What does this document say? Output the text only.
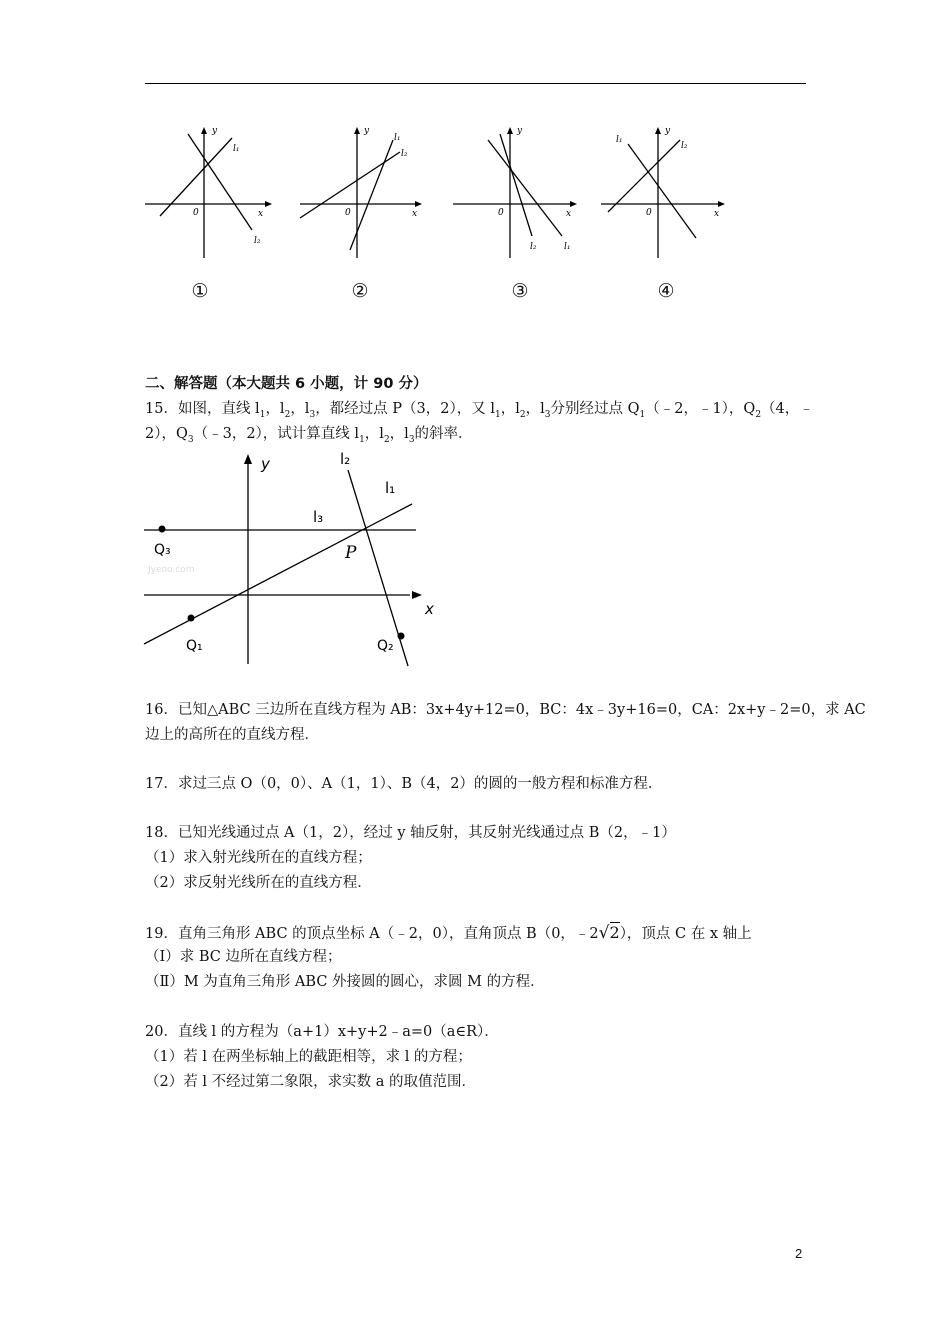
y
x
0
l₁
l₂
①
y
x
0
l₁
l₂
②
y
x
0
l₁
l₂
③
y
x
0
l₁
l₂
④
二、解答题（本大题共 6 小题，计 90 分）
15．如图，直线 $l_1$，$l_2$，$l_3$，都经过点 P（3，2），又 $l_1$，$l_2$，$l_3$分别经过点 $Q_1(﹣2$，﹣1），$Q_2(4$，﹣
2），$Q_3(﹣3$，2），试计算直线 $l_1$，$l_2$，$l_3$的斜率．
y
x
l₂
l₁
l₃
P
Q₃
Q₁	Q₂
Jyeoo.com
16．已知△ABC 三边所在直线方程为 AB：3x+4y+12=0，BC：4x﹣3y+16=0，CA：2x+y﹣2=0，求 AC
边上的高所在的直线方程．
17．求过三点 O（0，0）、A（1，1）、B（4，2）的圆的一般方程和标准方程．
18．已知光线通过点 A（1，2），经过 y 轴反射，其反射光线通过点 B（2，﹣1）
（1）求入射光线所在的直线方程；
（2）求反射光线所在的直线方程．
19．直角三角形 ABC 的顶点坐标 A（﹣2，0），直角顶点 B（0，﹣2√2），顶点 C 在 x 轴上
（Ⅰ）求 BC 边所在直线方程；
（Ⅱ）M 为直角三角形 ABC 外接圆的圆心，求圆 M 的方程．
20．直线 l 的方程为（a+1）x+y+2﹣a=0（a∈R）．
（1）若 l 在两坐标轴上的截距相等，求 l 的方程；
（2）若 l 不经过第二象限，求实数 a 的取值范围．
2
